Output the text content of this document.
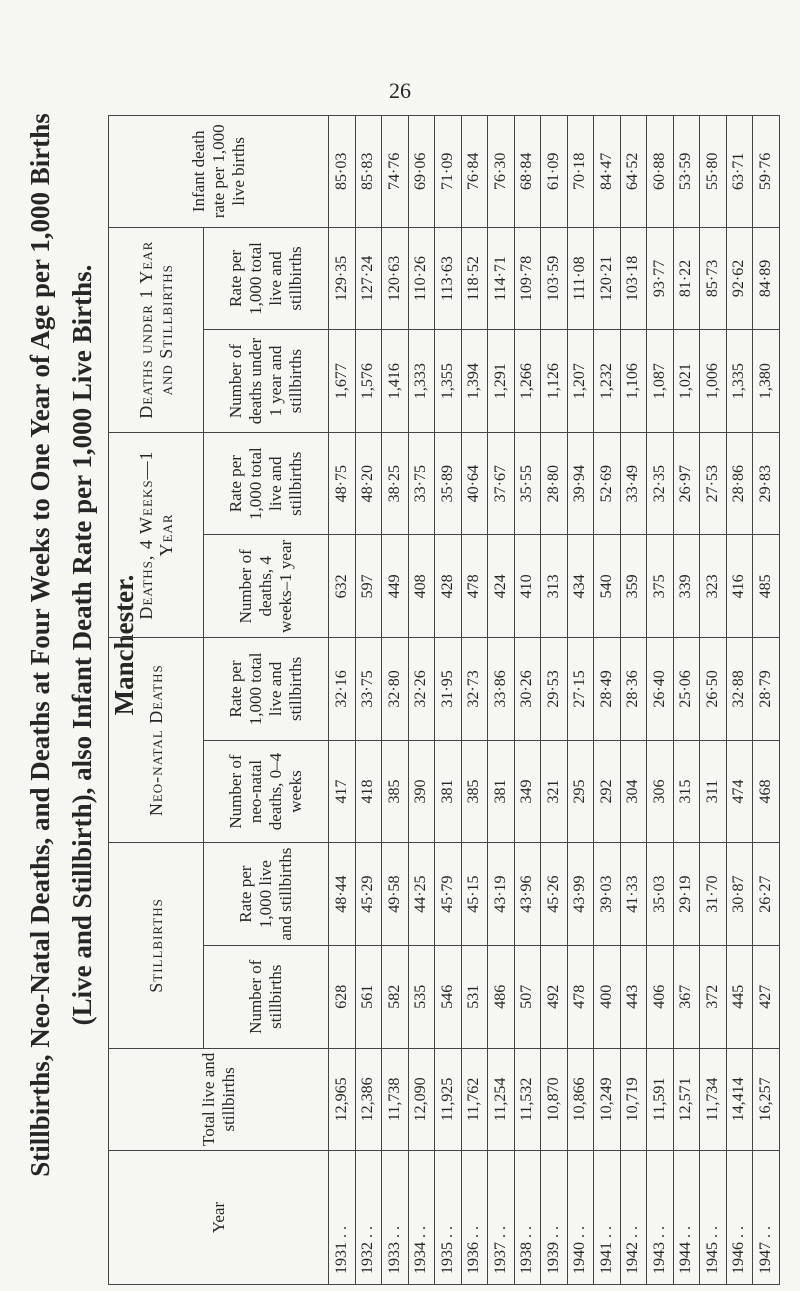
26
Stillbirths, Neo-Natal Deaths, and Deaths at Four Weeks to One Year of Age per 1,000 Births (Live and Stillbirth), also Infant Death Rate per 1,000 Live Births. Manchester.
Year	Total live and stillbirths	Stillbirths		Neo-natal Deaths		Deaths, 4 Weeks—1 Year		Deaths under 1 Year and Stillbirths		Infant death rate per 1,000 live births
		Number of stillbirths	Rate per 1,000 live and stillbirths	Number of neo-natal deaths, 0–4 weeks	Rate per 1,000 total live and stillbirths	Number of deaths, 4 weeks–1 year	Rate per 1,000 total live and stillbirths	Number of deaths under 1 year and stillbirths	Rate per 1,000 total live and stillbirths	
1931 . .	12,965	628	48·44	417	32·16	632	48·75	1,677	129·35	85·03
1932 . .	12,386	561	45·29	418	33·75	597	48·20	1,576	127·24	85·83
1933 . .	11,738	582	49·58	385	32·80	449	38·25	1,416	120·63	74·76
1934 . .	12,090	535	44·25	390	32·26	408	33·75	1,333	110·26	69·06
1935 . .	11,925	546	45·79	381	31·95	428	35·89	1,355	113·63	71·09
1936 . .	11,762	531	45·15	385	32·73	478	40·64	1,394	118·52	76·84
1937 . .	11,254	486	43·19	381	33·86	424	37·67	1,291	114·71	76·30
1938 . .	11,532	507	43·96	349	30·26	410	35·55	1,266	109·78	68·84
1939 . .	10,870	492	45·26	321	29·53	313	28·80	1,126	103·59	61·09
1940 . .	10,866	478	43·99	295	27·15	434	39·94	1,207	111·08	70·18
1941 . .	10,249	400	39·03	292	28·49	540	52·69	1,232	120·21	84·47
1942 . .	10,719	443	41·33	304	28·36	359	33·49	1,106	103·18	64·52
1943 . .	11,591	406	35·03	306	26·40	375	32·35	1,087	93·77	60·88
1944 . .	12,571	367	29·19	315	25·06	339	26·97	1,021	81·22	53·59
1945 . .	11,734	372	31·70	311	26·50	323	27·53	1,006	85·73	55·80
1946 . .	14,414	445	30·87	474	32·88	416	28·86	1,335	92·62	63·71
1947 . .	16,257	427	26·27	468	28·79	485	29·83	1,380	84·89	59·76
